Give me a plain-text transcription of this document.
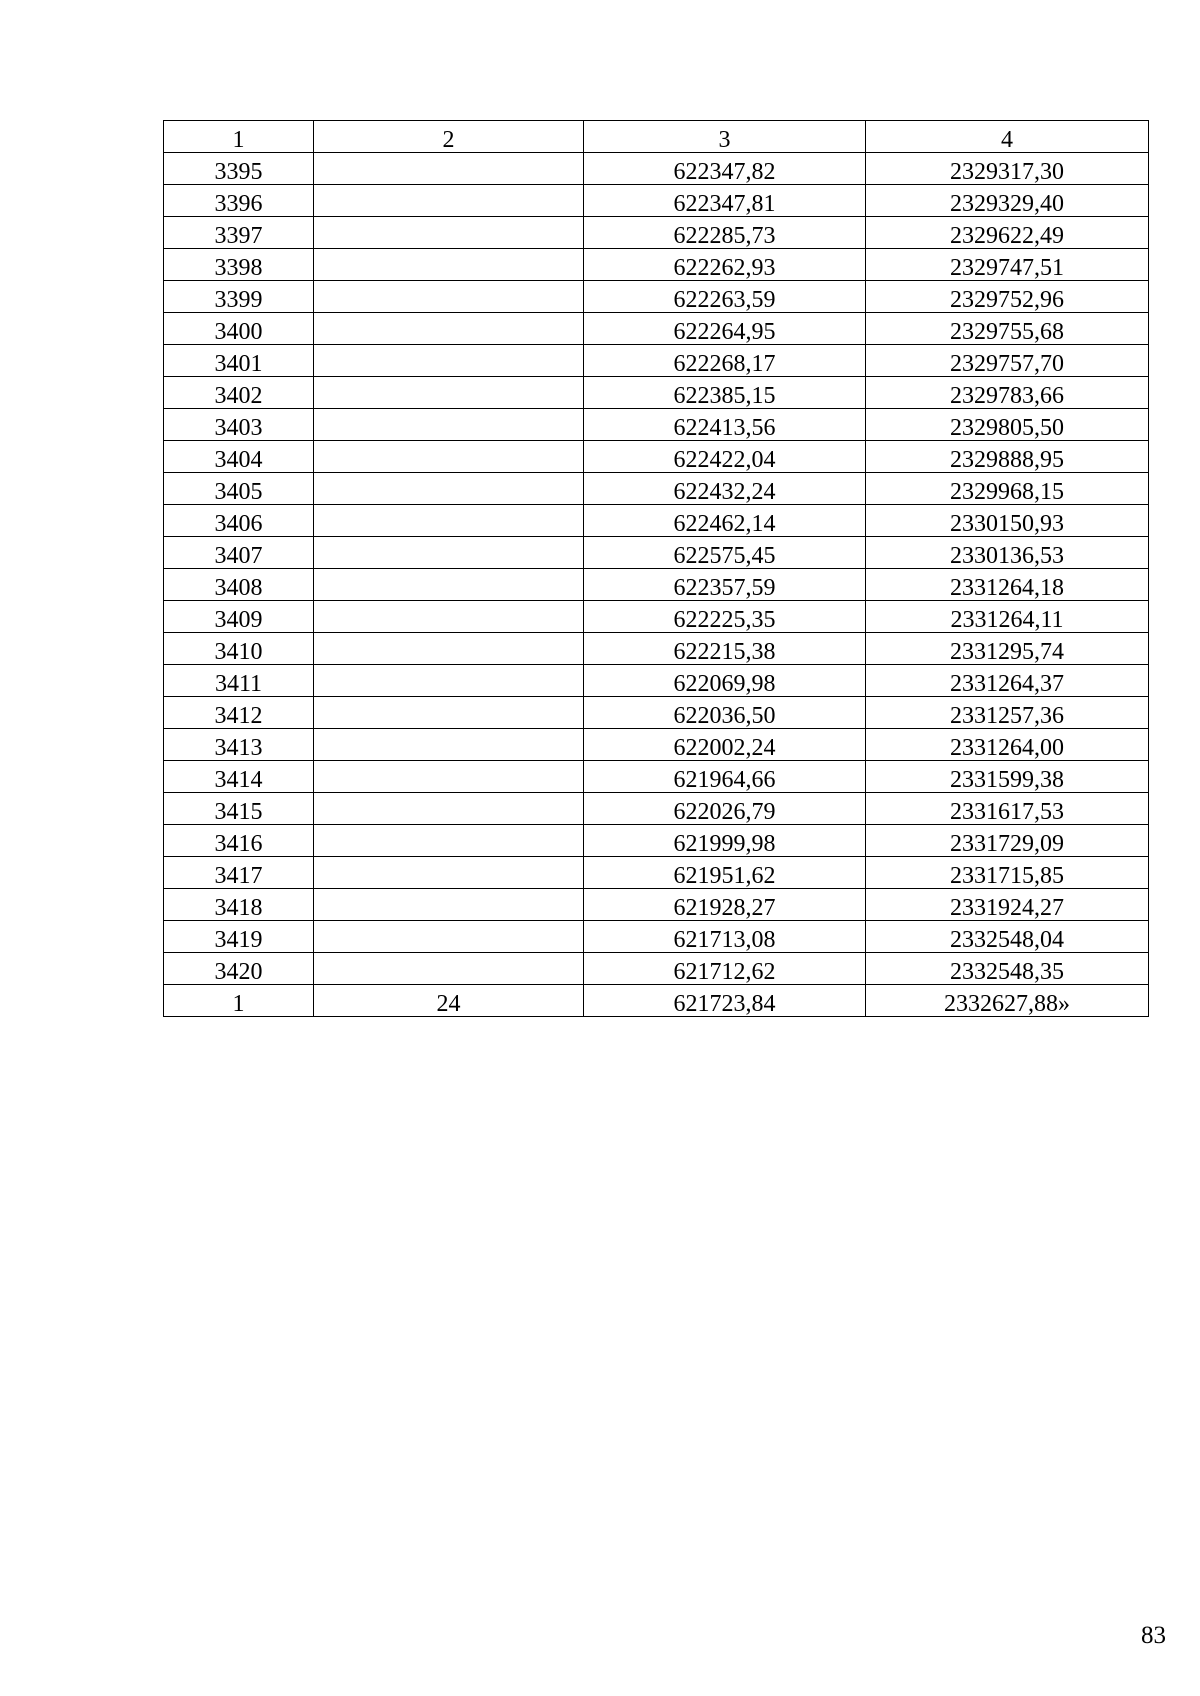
1	2	3	4
3395		622347,82	2329317,30
3396		622347,81	2329329,40
3397		622285,73	2329622,49
3398		622262,93	2329747,51
3399		622263,59	2329752,96
3400		622264,95	2329755,68
3401		622268,17	2329757,70
3402		622385,15	2329783,66
3403		622413,56	2329805,50
3404		622422,04	2329888,95
3405		622432,24	2329968,15
3406		622462,14	2330150,93
3407		622575,45	2330136,53
3408		622357,59	2331264,18
3409		622225,35	2331264,11
3410		622215,38	2331295,74
3411		622069,98	2331264,37
3412		622036,50	2331257,36
3413		622002,24	2331264,00
3414		621964,66	2331599,38
3415		622026,79	2331617,53
3416		621999,98	2331729,09
3417		621951,62	2331715,85
3418		621928,27	2331924,27
3419		621713,08	2332548,04
3420		621712,62	2332548,35
1	24	621723,84	2332627,88»
83
